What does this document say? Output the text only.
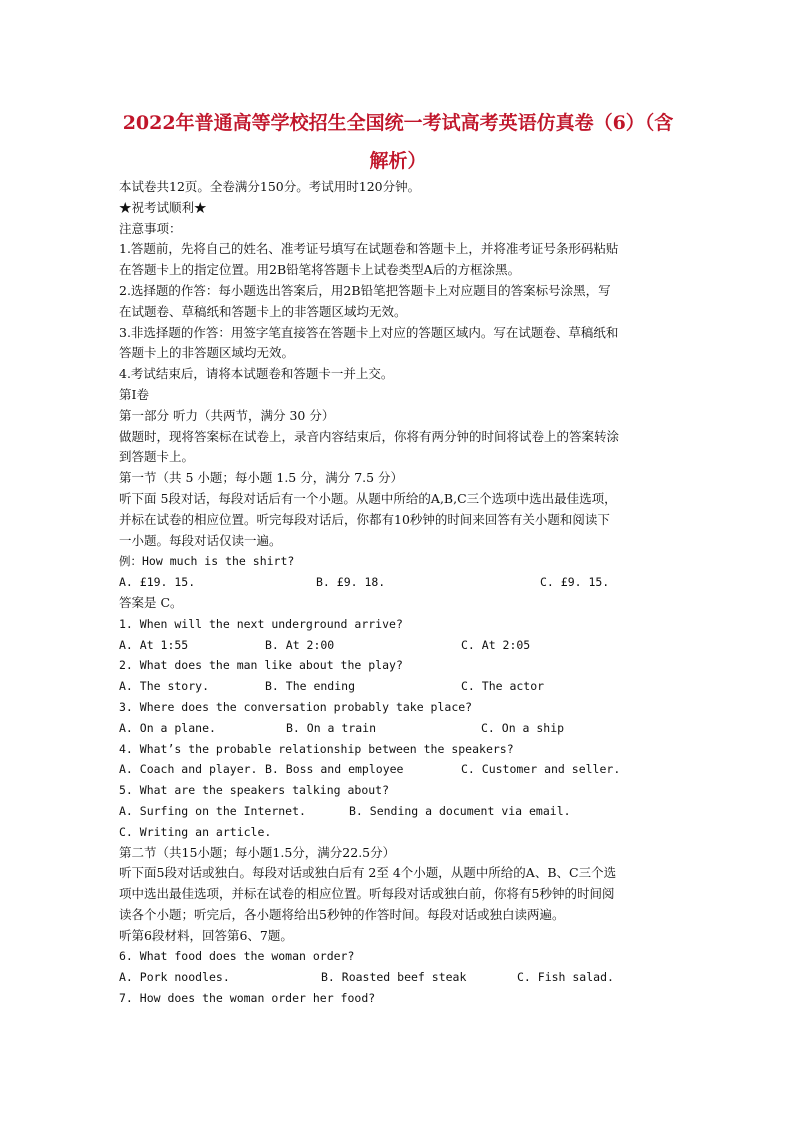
2022年普通高等学校招生全国统一考试高考英语仿真卷（6）（含解析）
本试卷共12页。全卷满分150分。考试用时120分钟。
★祝考试顺利★
注意事项：
1.答题前，先将自己的姓名、准考证号填写在试题卷和答题卡上，并将准考证号条形码粘贴
在答题卡上的指定位置。用2B铅笔将答题卡上试卷类型A后的方框涂黑。
2.选择题的作答：每小题选出答案后，用2B铅笔把答题卡上对应题目的答案标号涂黑，写
在试题卷、草稿纸和答题卡上的非答题区域均无效。
3.非选择题的作答：用签字笔直接答在答题卡上对应的答题区域内。写在试题卷、草稿纸和
答题卡上的非答题区域均无效。
4.考试结束后，请将本试题卷和答题卡一并上交。
第Ⅰ卷
第一部分 听力（共两节，满分 30 分）
做题时，现将答案标在试卷上，录音内容结束后，你将有两分钟的时间将试卷上的答案转涂
到答题卡上。
第一节（共 5 小题；每小题 1.5 分，满分 7.5 分）
听下面 5段对话，每段对话后有一个小题。从题中所给的A,B,C三个选项中选出最佳选项，
并标在试卷的相应位置。听完每段对话后，你都有10秒钟的时间来回答有关小题和阅读下
一小题。每段对话仅读一遍。
例：How much is the shirt?
A. £19. 15.	B. £9. 18.	C. £9. 15.
答案是 C。
1. When will the next underground arrive?
A. At 1:55	B. At 2:00	C. At 2:05
2. What does the man like about the play?
A. The story.	B. The ending	C. The actor
3. Where does the conversation probably take place?
A. On a plane.	B. On a train	C. On a ship
4. What’s the probable relationship between the speakers?
A. Coach and player. B. Boss and employee	C. Customer and seller.
5. What are the speakers talking about?
A. Surfing on the Internet.	B. Sending a document via email.
C. Writing an article.
第二节（共15小题；每小题1.5分，满分22.5分）
听下面5段对话或独白。每段对话或独白后有 2至 4个小题，从题中所给的A、B、C三个选
项中选出最佳选项，并标在试卷的相应位置。听每段对话或独白前，你将有5秒钟的时间阅
读各个小题；听完后，各小题将给出5秒钟的作答时间。每段对话或独白读两遍。
听第6段材料，回答第6、7题。
6. What food does the woman order?
A. Pork noodles.	B. Roasted beef steak	C. Fish salad.
7. How does the woman order her food?
